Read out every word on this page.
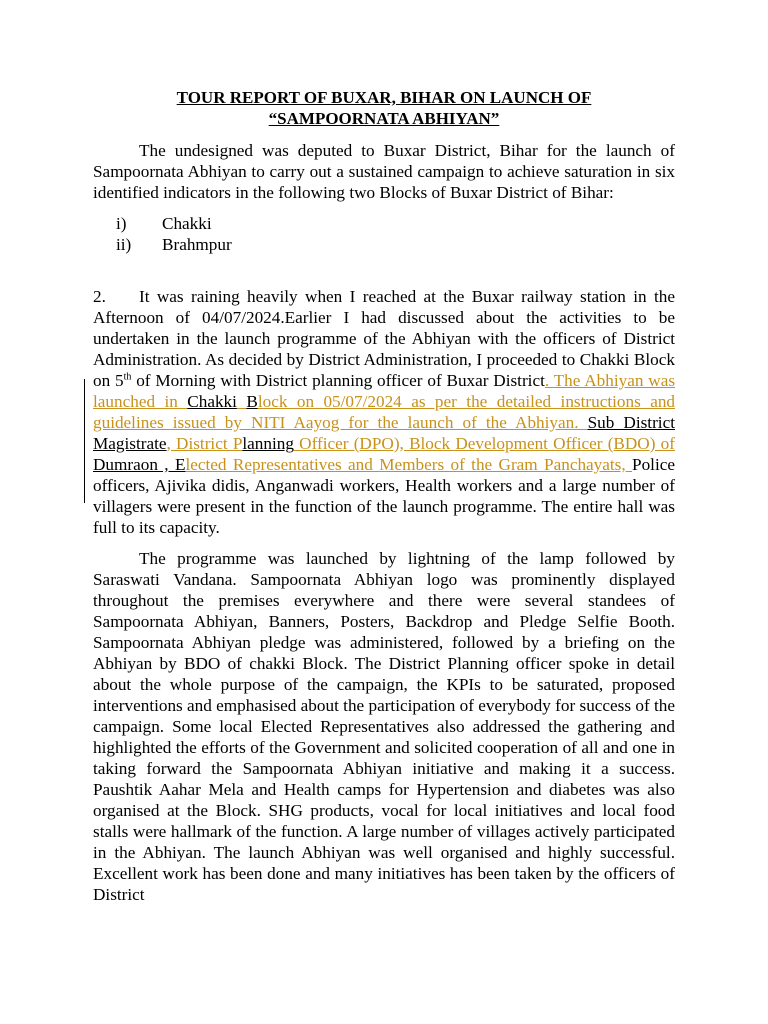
TOUR REPORT OF BUXAR, BIHAR ON LAUNCH OF

“SAMPOORNATA ABHIYAN”

The undesigned was deputed to Buxar District, Bihar for the launch of Sampoornata Abhiyan to carry out a sustained campaign to achieve saturation in six identified indicators in the following two Blocks of Buxar District of Bihar:

i)	Chakki
ii)	Brahmpur

2. It was raining heavily when I reached at the Buxar railway station in the Afternoon of 04/07/2024.Earlier I had discussed about the activities to be undertaken in the launch programme of the Abhiyan with the officers of District Administration. As decided by District Administration, I proceeded to Chakki Block on 5th of Morning with District planning officer of Buxar District. The Abhiyan was launched in Chakki Block on 05/07/2024 as per the detailed instructions and guidelines issued by NITI Aayog for the launch of the Abhiyan. Sub District Magistrate, District Planning Officer (DPO), Block Development Officer (BDO) of Dumraon , Elected Representatives and Members of the Gram Panchayats, Police officers, Ajivika didis, Anganwadi workers, Health workers and a large number of villagers were present in the function of the launch programme. The entire hall was full to its capacity.

The programme was launched by lightning of the lamp followed by Saraswati Vandana. Sampoornata Abhiyan logo was prominently displayed throughout the premises everywhere and there were several standees of Sampoornata Abhiyan, Banners, Posters, Backdrop and Pledge Selfie Booth. Sampoornata Abhiyan pledge was administered, followed by a briefing on the Abhiyan by BDO of chakki Block. The District Planning officer spoke in detail about the whole purpose of the campaign, the KPIs to be saturated, proposed interventions and emphasised about the participation of everybody for success of the campaign. Some local Elected Representatives also addressed the gathering and highlighted the efforts of the Government and solicited cooperation of all and one in taking forward the Sampoornata Abhiyan initiative and making it a success. Paushtik Aahar Mela and Health camps for Hypertension and diabetes was also organised at the Block. SHG products, vocal for local initiatives and local food stalls were hallmark of the function. A large number of villages actively participated in the Abhiyan. The launch Abhiyan was well organised and highly successful. Excellent work has been done and many initiatives has been taken by the officers of District
